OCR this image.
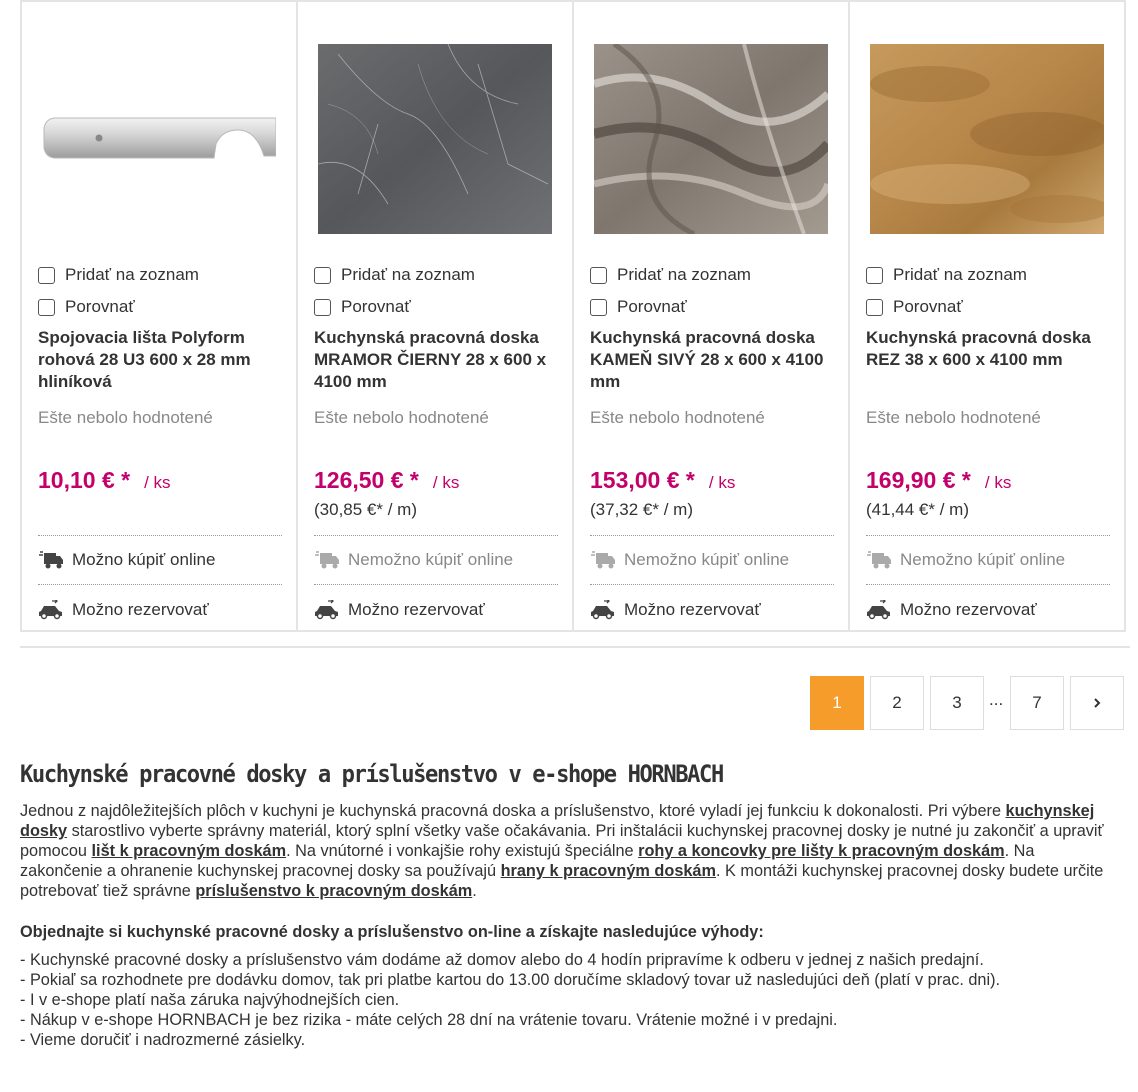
Pridať na zoznam
Porovnať
Spojovacia lišta Polyform rohová 28 U3 600 x 28 mm hliníková
Ešte nebolo hodnotené
10,10 € * / ks
Možno kúpiť online
Možno rezervovať
Pridať na zoznam
Porovnať
Kuchynská pracovná doska MRAMOR ČIERNY 28 x 600 x 4100 mm
Ešte nebolo hodnotené
126,50 € * / ks
(30,85 €* / m)
Nemožno kúpiť online
Možno rezervovať
Pridať na zoznam
Porovnať
Kuchynská pracovná doska KAMEŇ SIVÝ 28 x 600 x 4100 mm
Ešte nebolo hodnotené
153,00 € * / ks
(37,32 €* / m)
Nemožno kúpiť online
Možno rezervovať
Pridať na zoznam
Porovnať
Kuchynská pracovná doska REZ 38 x 600 x 4100 mm
Ešte nebolo hodnotené
169,90 € * / ks
(41,44 €* / m)
Nemožno kúpiť online
Možno rezervovať
1	2	3	...	7
Kuchynské pracovné dosky a príslušenstvo v e-shope HORNBACH

Jednou z najdôležitejších plôch v kuchyni je kuchynská pracovná doska a príslušenstvo, ktoré vyladí jej funkciu k dokonalosti. Pri výbere kuchynskej dosky starostlivo vyberte správny materiál, ktorý splní všetky vaše očakávania. Pri inštalácii kuchynskej pracovnej dosky je nutné ju zakončiť a upraviť pomocou lišt k pracovným doskám. Na vnútorné i vonkajšie rohy existujú špeciálne rohy a koncovky pre lišty k pracovným doskám. Na zakončenie a ohranenie kuchynskej pracovnej dosky sa používajú hrany k pracovným doskám. K montáži kuchynskej pracovnej dosky budete určite potrebovať tiež správne príslušenstvo k pracovným doskám.

Objednajte si kuchynské pracovné dosky a príslušenstvo on-line a získajte nasledujúce výhody:

- Kuchynské pracovné dosky a príslušenstvo vám dodáme až domov alebo do 4 hodín pripravíme k odberu v jednej z našich predajní.
- Pokiaľ sa rozhodnete pre dodávku domov, tak pri platbe kartou do 13.00 doručíme skladový tovar už nasledujúci deň (platí v prac. dni).
- I v e-shope platí naša záruka najvýhodnejších cien.
- Nákup v e-shope HORNBACH je bez rizika - máte celých 28 dní na vrátenie tovaru. Vrátenie možné i v predajni.
- Vieme doručiť i nadrozmerné zásielky.
